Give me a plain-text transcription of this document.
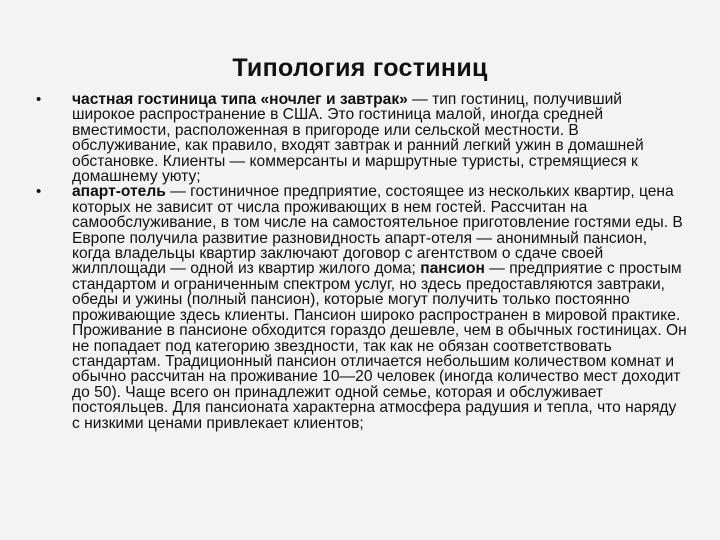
Типология гостиниц
• частная гостиница типа «ночлег и завтрак» — тип гостиниц, получивший широкое распространение в США. Это гостиница малой, иногда средней вместимости, расположенная в пригороде или сельской местности. В обслуживание, как правило, входят завтрак и ранний легкий ужин в домашней обстановке. Клиенты — коммерсанты и маршрутные туристы, стремящиеся к домашнему уюту;
• апарт-отель — гостиничное предприятие, состоящее из нескольких квартир, цена которых не зависит от числа проживающих в нем гостей. Рассчитан на самообслуживание, в том числе на самостоятельное приготовление гостями еды. В Европе получила развитие разновидность апарт-отеля — анонимный пансион, когда владельцы квартир заключают договор с агентством о сдаче своей жилплощади — одной из квартир жилого дома; пансион — предприятие с простым стандартом и ограниченным спектром услуг, но здесь предоставляются завтраки, обеды и ужины (полный пансион), которые могут получить только постоянно проживающие здесь клиенты. Пансион широко распространен в мировой практике. Проживание в пансионе обходится гораздо дешевле, чем в обычных гостиницах. Он не попадает под категорию звездности, так как не обязан соответствовать стандартам. Традиционный пансион отличается небольшим количеством комнат и обычно рассчитан на проживание 10—20 человек (иногда количество мест доходит до 50). Чаще всего он принадлежит одной семье, которая и обслуживает постояльцев. Для пансионата характерна атмосфера радушия и тепла, что наряду с низкими ценами привлекает клиентов;
